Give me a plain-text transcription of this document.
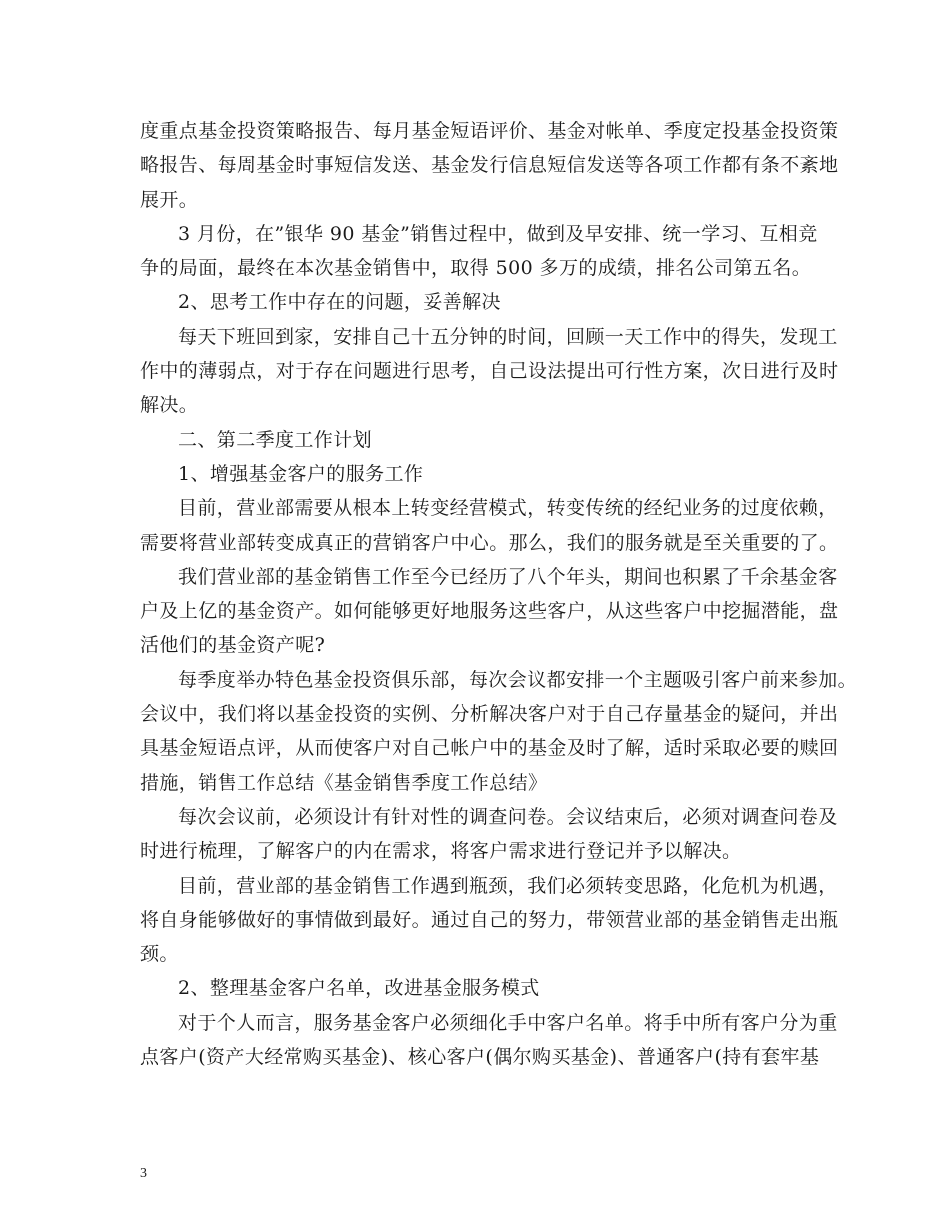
度重点基金投资策略报告、每月基金短语评价、基金对帐单、季度定投基金投资策
略报告、每周基金时事短信发送、基金发行信息短信发送等各项工作都有条不紊地
展开。
3 月份，在”银华 90 基金”销售过程中，做到及早安排、统一学习、互相竞
争的局面，最终在本次基金销售中，取得 500 多万的成绩，排名公司第五名。
2、思考工作中存在的问题，妥善解决
每天下班回到家，安排自己十五分钟的时间，回顾一天工作中的得失，发现工
作中的薄弱点，对于存在问题进行思考，自己设法提出可行性方案，次日进行及时
解决。
二、第二季度工作计划
1、增强基金客户的服务工作
目前，营业部需要从根本上转变经营模式，转变传统的经纪业务的过度依赖，
需要将营业部转变成真正的营销客户中心。那么，我们的服务就是至关重要的了。
我们营业部的基金销售工作至今已经历了八个年头，期间也积累了千余基金客
户及上亿的基金资产。如何能够更好地服务这些客户，从这些客户中挖掘潜能，盘
活他们的基金资产呢?
每季度举办特色基金投资俱乐部，每次会议都安排一个主题吸引客户前来参加。
会议中，我们将以基金投资的实例、分析解决客户对于自己存量基金的疑问，并出
具基金短语点评，从而使客户对自己帐户中的基金及时了解，适时采取必要的赎回
措施，销售工作总结《基金销售季度工作总结》
每次会议前，必须设计有针对性的调查问卷。会议结束后，必须对调查问卷及
时进行梳理，了解客户的内在需求，将客户需求进行登记并予以解决。
目前，营业部的基金销售工作遇到瓶颈，我们必须转变思路，化危机为机遇，
将自身能够做好的事情做到最好。通过自己的努力，带领营业部的基金销售走出瓶
颈。
2、整理基金客户名单，改进基金服务模式
对于个人而言，服务基金客户必须细化手中客户名单。将手中所有客户分为重
点客户(资产大经常购买基金)、核心客户(偶尔购买基金)、普通客户(持有套牢基
3
